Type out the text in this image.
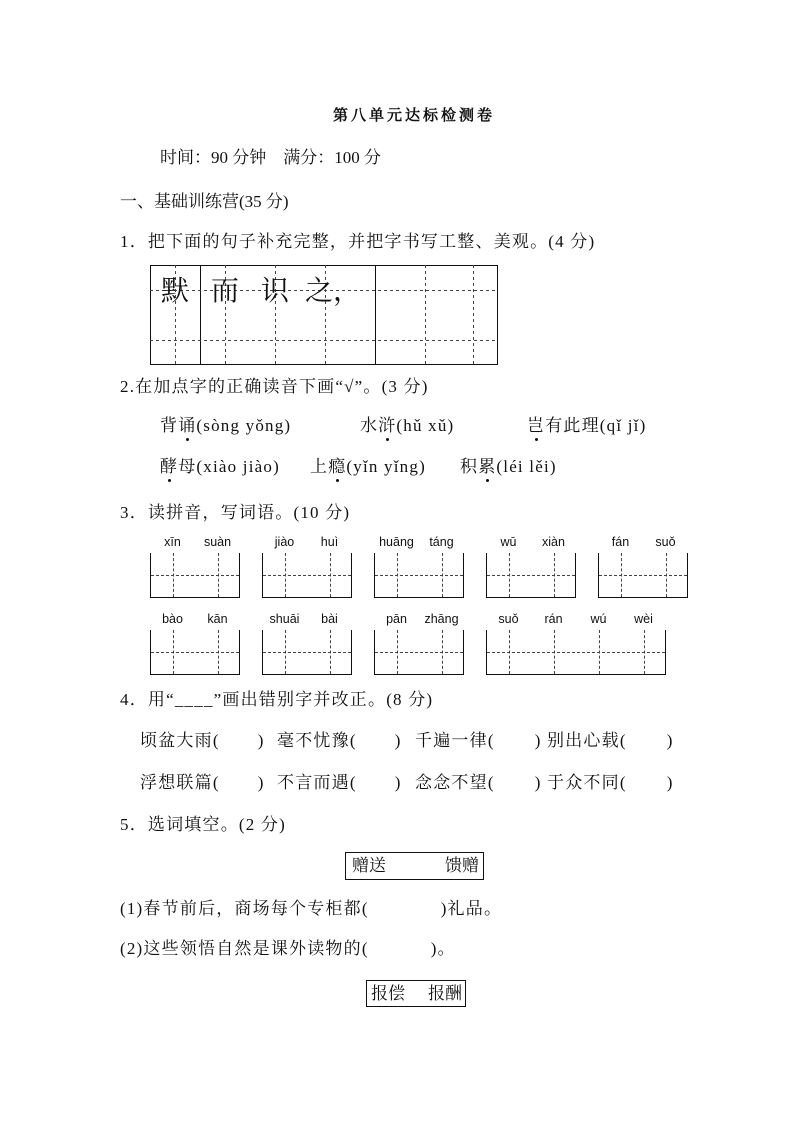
第八单元达标检测卷
时间：90 分钟　满分：100 分
一、基础训练营(35 分)
1．把下面的句子补充完整，并把字书写工整、美观。(4 分)
默 而 识 之，
2.在加点字的正确读音下画“√”。(3 分)
背诵(sòng yǒng)	水浒(hǔ xǔ)	岂有此理(qǐ jǐ)
酵母(xiào jiào) 上瘾(yǐn yǐng) 积累(léi lěi)
3．读拼音，写词语。(10 分)
xīn	suàn	jiào	huì	huāng	táng	wū	xiàn	fán	suǒ
bào	kān	shuāi	bài	pān	zhāng	suǒ	rán	wú	wèi
4．用“____”画出错别字并改正。(8 分)
顷盆大雨( ) 毫不忧豫( ) 千遍一律( ) 别出心载( )
浮想联篇( ) 不言而遇( ) 念念不望( ) 于众不同( )
5．选词填空。(2 分)
赠送	馈赠
(1)春节前后，商场每个专柜都(	)礼品。
(2)这些领悟自然是课外读物的(	)。
报偿 报酬
